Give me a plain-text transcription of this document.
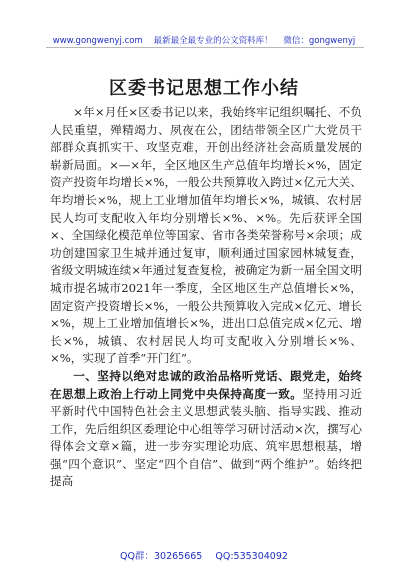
www.gongwenyj.com 最新最全最专业的公文资料库！ 微信：gongwenyj
区委书记思想工作小结

×年×月任×区委书记以来，我始终牢记组织嘱托、不负人民重望，殚精竭力、夙夜在公，团结带领全区广大党员干部群众真抓实干、攻坚克难，开创出经济社会高质量发展的崭新局面。×—×年，全区地区生产总值年均增长×%，固定资产投资年均增长×%，一般公共预算收入跨过×亿元大关、年均增长×%，规上工业增加值年均增长×%，城镇、农村居民人均可支配收入年均分别增长×%、×%。先后获评全国×、全国绿化模范单位等国家、省市各类荣誉称号×余项；成功创建国家卫生城并通过复审，顺利通过国家园林城复查，省级文明城连续×年通过复查复检，被确定为新一届全国文明城市提名城市2021年一季度，全区地区生产总值增长×%，固定资产投资增长×%，一般公共预算收入完成×亿元、增长×%，规上工业增加值增长×%，进出口总值完成×亿元、增长×%，城镇、农村居民人均可支配收入分别增长×%、×%，实现了首季“开门红”。

一、坚持以绝对忠诚的政治品格听党话、跟党走，始终在思想上政治上行动上同党中央保持高度一致。坚持用习近平新时代中国特色社会主义思想武装头脑、指导实践、推动工作，先后组织区委理论中心组等学习研讨活动×次，撰写心得体会文章×篇，进一步夯实理论功底、筑牢思想根基，增强“四个意识”、坚定“四个自信”、做到“两个维护”。始终把提高

QQ群：30265665 QQ:535304092
